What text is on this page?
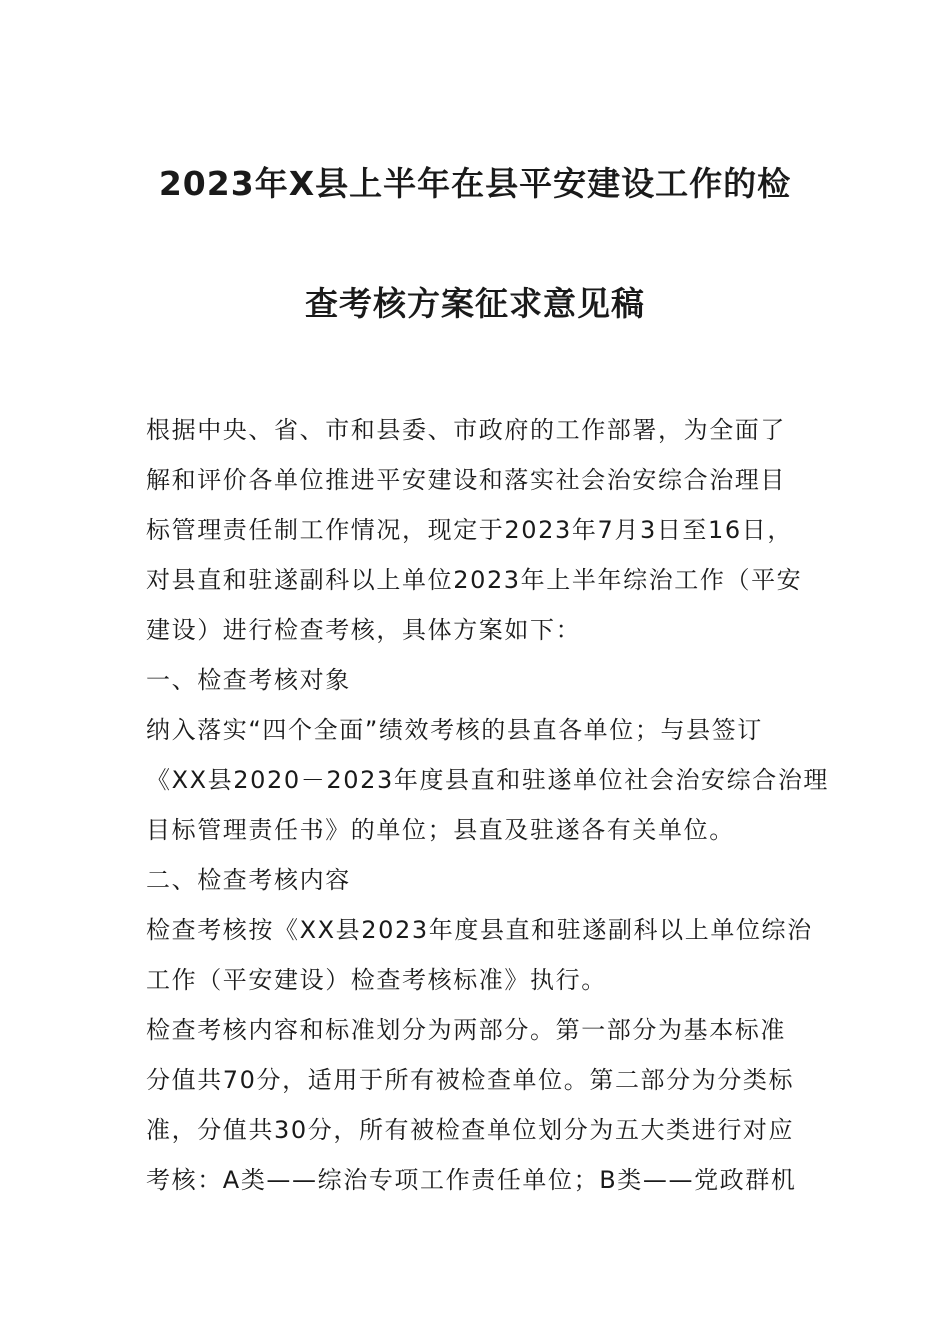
2023年X县上半年在县平安建设工作的检
查考核方案征求意见稿

根据中央、省、市和县委、市政府的工作部署，为全面了
解和评价各单位推进平安建设和落实社会治安综合治理目
标管理责任制工作情况，现定于2023年7月3日至16日，
对县直和驻遂副科以上单位2023年上半年综治工作（平安
建设）进行检查考核，具体方案如下：

一、检查考核对象

纳入落实“四个全面”绩效考核的县直各单位；与县签订
《XX县2020－2023年度县直和驻遂单位社会治安综合治理
目标管理责任书》的单位；县直及驻遂各有关单位。

二、检查考核内容

检查考核按《XX县2023年度县直和驻遂副科以上单位综治
工作（平安建设）检查考核标准》执行。

检查考核内容和标准划分为两部分。第一部分为基本标准
分值共70分，适用于所有被检查单位。第二部分为分类标
准，分值共30分，所有被检查单位划分为五大类进行对应
考核：A类——综治专项工作责任单位；B类——党政群机
